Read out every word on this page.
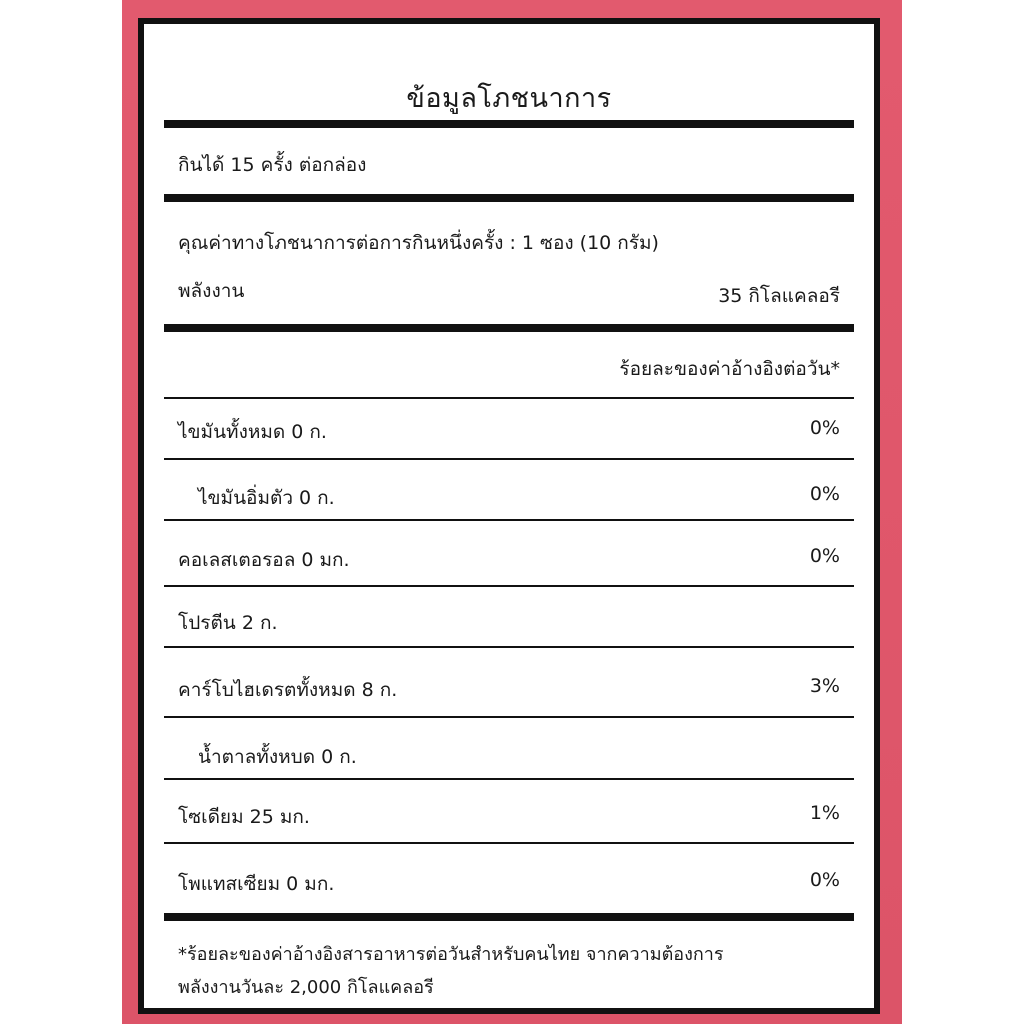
ข้อมูลโภชนาการ
กินได้ 15 ครั้ง ต่อกล่อง
คุณค่าทางโภชนาการต่อการกินหนึ่งครั้ง : 1 ซอง (10 กรัม)
พลังงาน	35 กิโลแคลอรี
ร้อยละของค่าอ้างอิงต่อวัน*
ไขมันทั้งหมด 0 ก.	0%
ไขมันอิ่มตัว 0 ก.	0%
คอเลสเตอรอล 0 มก.	0%
โปรตีน 2 ก.
คาร์โบไฮเดรตทั้งหมด 8 ก.	3%
น้ำตาลทั้งหบด 0 ก.
โซเดียม 25 มก.	1%
โพแทสเซียม 0 มก.	0%
*ร้อยละของค่าอ้างอิงสารอาหารต่อวันสำหรับคนไทย จากความต้องการ
พลังงานวันละ 2,000 กิโลแคลอรี
